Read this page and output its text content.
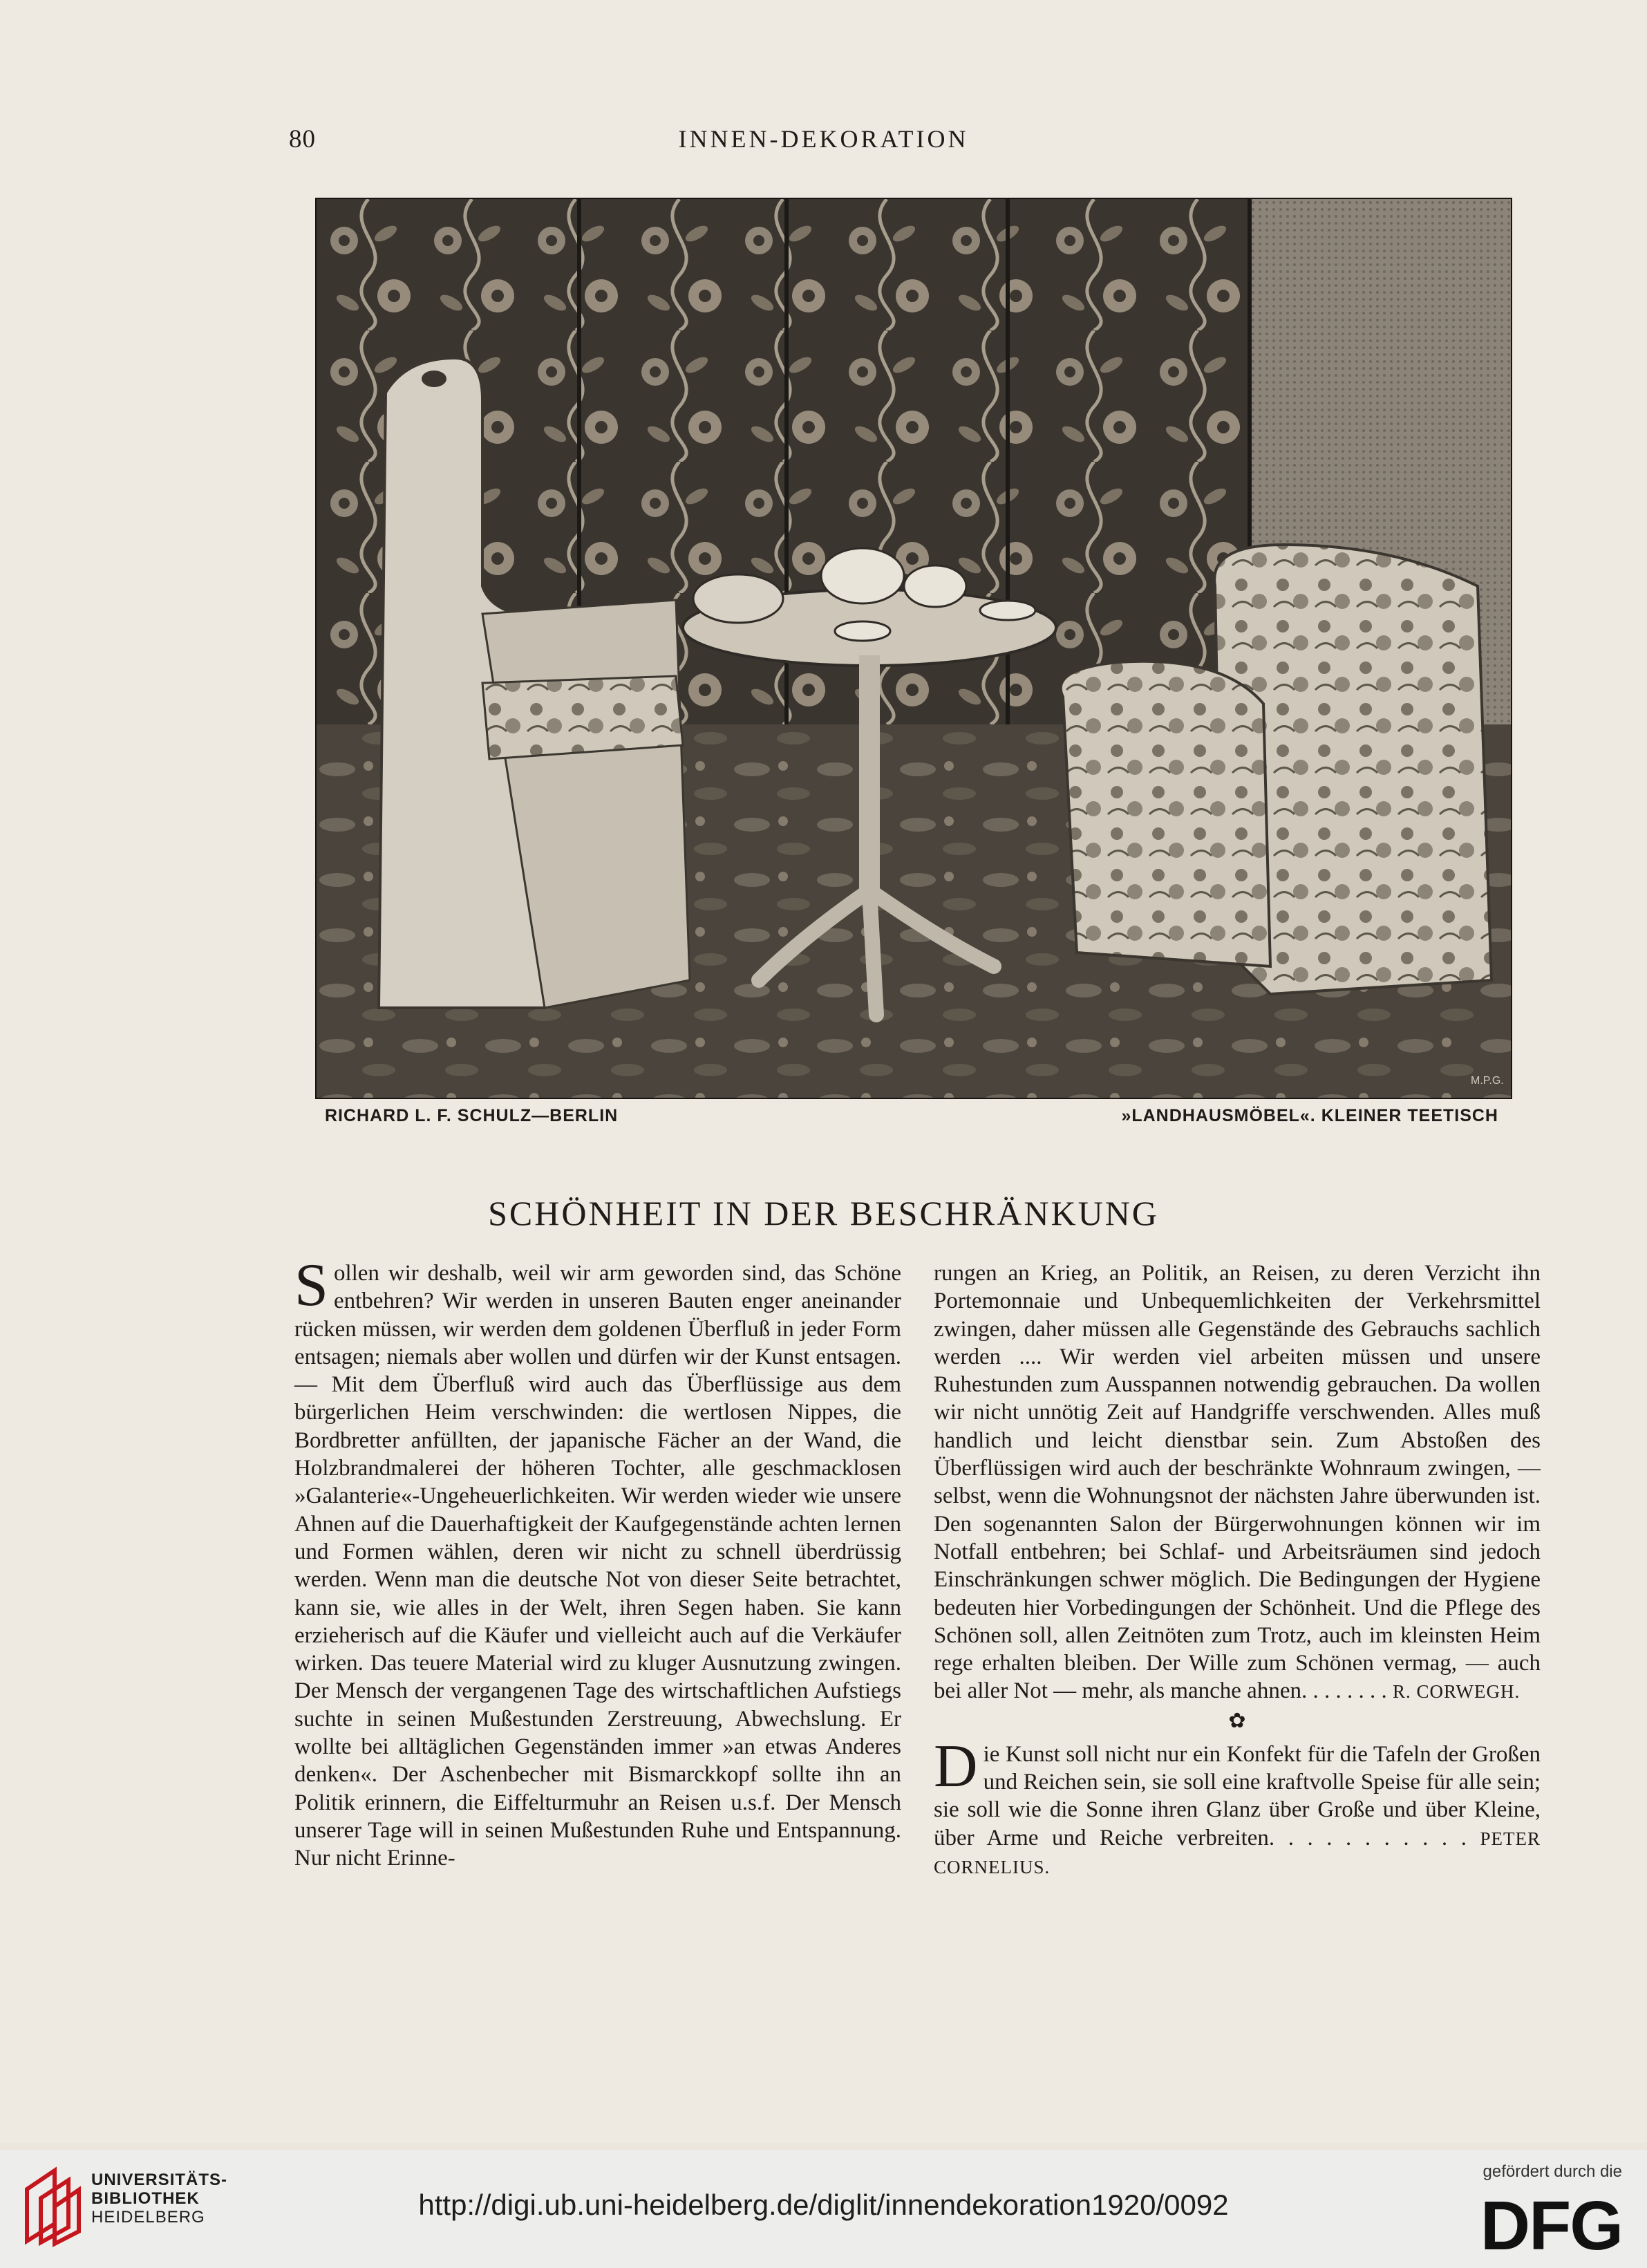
80	INNEN-DEKORATION
M.P.G.
RICHARD L. F. SCHULZ—BERLIN	»LANDHAUSMÖBEL«. KLEINER TEETISCH
SCHÖNHEIT IN DER BESCHRÄNKUNG

Sollen wir deshalb, weil wir arm geworden sind, das Schöne entbehren? Wir werden in unseren Bauten enger aneinander rücken müssen, wir werden dem goldenen Überfluß in jeder Form entsagen; niemals aber wollen und dürfen wir der Kunst entsagen. — Mit dem Überfluß wird auch das Überflüssige aus dem bürgerlichen Heim verschwinden: die wertlosen Nippes, die Bordbretter anfüllten, der japanische Fächer an der Wand, die Holzbrandmalerei der höheren Tochter, alle geschmacklosen »Galanterie«-Ungeheuerlichkeiten. Wir werden wieder wie unsere Ahnen auf die Dauerhaftigkeit der Kaufgegenstände achten lernen und Formen wählen, deren wir nicht zu schnell überdrüssig werden. Wenn man die deutsche Not von dieser Seite betrachtet, kann sie, wie alles in der Welt, ihren Segen haben. Sie kann erzieherisch auf die Käufer und vielleicht auch auf die Verkäufer wirken. Das teuere Material wird zu kluger Ausnutzung zwingen. Der Mensch der vergangenen Tage des wirtschaftlichen Aufstiegs suchte in seinen Mußestunden Zerstreuung, Abwechslung. Er wollte bei alltäglichen Gegenständen immer »an etwas Anderes denken«. Der Aschenbecher mit Bismarckkopf sollte ihn an Politik erinnern, die Eiffelturmuhr an Reisen u.s.f. Der Mensch unserer Tage will in seinen Mußestunden Ruhe und Entspannung. Nur nicht Erinne-

rungen an Krieg, an Politik, an Reisen, zu deren Verzicht ihn Portemonnaie und Unbequemlichkeiten der Verkehrsmittel zwingen, daher müssen alle Gegenstände des Gebrauchs sachlich werden .... Wir werden viel arbeiten müssen und unsere Ruhestunden zum Ausspannen notwendig gebrauchen. Da wollen wir nicht unnötig Zeit auf Handgriffe verschwenden. Alles muß handlich und leicht dienstbar sein. Zum Abstoßen des Überflüssigen wird auch der beschränkte Wohnraum zwingen, — selbst, wenn die Wohnungsnot der nächsten Jahre überwunden ist. Den sogenannten Salon der Bürgerwohnungen können wir im Notfall entbehren; bei Schlaf- und Arbeitsräumen sind jedoch Einschränkungen schwer möglich. Die Bedingungen der Hygiene bedeuten hier Vorbedingungen der Schönheit. Und die Pflege des Schönen soll, allen Zeitnöten zum Trotz, auch im kleinsten Heim rege erhalten bleiben. Der Wille zum Schönen vermag, — auch bei aller Not — mehr, als manche ahnen. . . . . . . . R. CORWEGH.

✿

Die Kunst soll nicht nur ein Konfekt für die Tafeln der Großen und Reichen sein, sie soll eine kraftvolle Speise für alle sein; sie soll wie die Sonne ihren Glanz über Große und über Kleine, über Arme und Reiche verbreiten. . . . . . . . . . . PETER CORNELIUS.

UNIVERSITÄTS-
BIBLIOTHEK
HEIDELBERG	http://digi.ub.uni-heidelberg.de/diglit/innendekoration1920/0092
gefördert durch die
DFG
